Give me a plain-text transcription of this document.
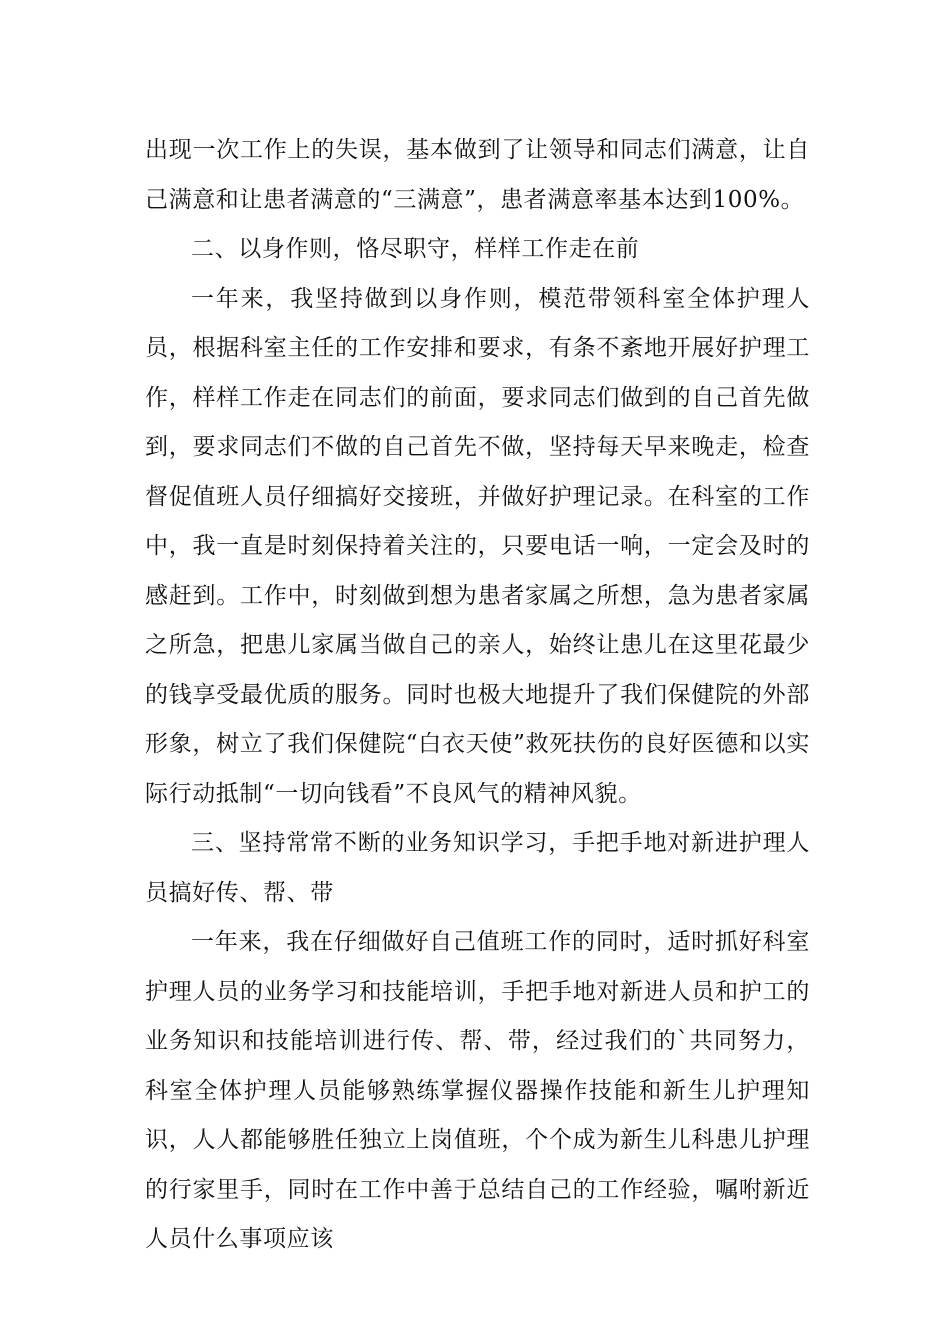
出现一次工作上的失误，基本做到了让领导和同志们满意，让自己满意和让患者满意的“三满意”，患者满意率基本达到100%。

二、以身作则，恪尽职守，样样工作走在前

一年来，我坚持做到以身作则，模范带领科室全体护理人员，根据科室主任的工作安排和要求，有条不紊地开展好护理工作，样样工作走在同志们的前面，要求同志们做到的自己首先做到，要求同志们不做的自己首先不做，坚持每天早来晚走，检查督促值班人员仔细搞好交接班，并做好护理记录。在科室的工作中，我一直是时刻保持着关注的，只要电话一响，一定会及时的感赶到。工作中，时刻做到想为患者家属之所想，急为患者家属之所急，把患儿家属当做自己的亲人，始终让患儿在这里花最少的钱享受最优质的服务。同时也极大地提升了我们保健院的外部形象，树立了我们保健院“白衣天使”救死扶伤的良好医德和以实际行动抵制“一切向钱看”不良风气的精神风貌。

三、坚持常常不断的业务知识学习，手把手地对新进护理人员搞好传、帮、带

一年来，我在仔细做好自己值班工作的同时，适时抓好科室护理人员的业务学习和技能培训，手把手地对新进人员和护工的业务知识和技能培训进行传、帮、带，经过我们的`共同努力，科室全体护理人员能够熟练掌握仪器操作技能和新生儿护理知识，人人都能够胜任独立上岗值班，个个成为新生儿科患儿护理的行家里手，同时在工作中善于总结自己的工作经验，嘱咐新近人员什么事项应该
